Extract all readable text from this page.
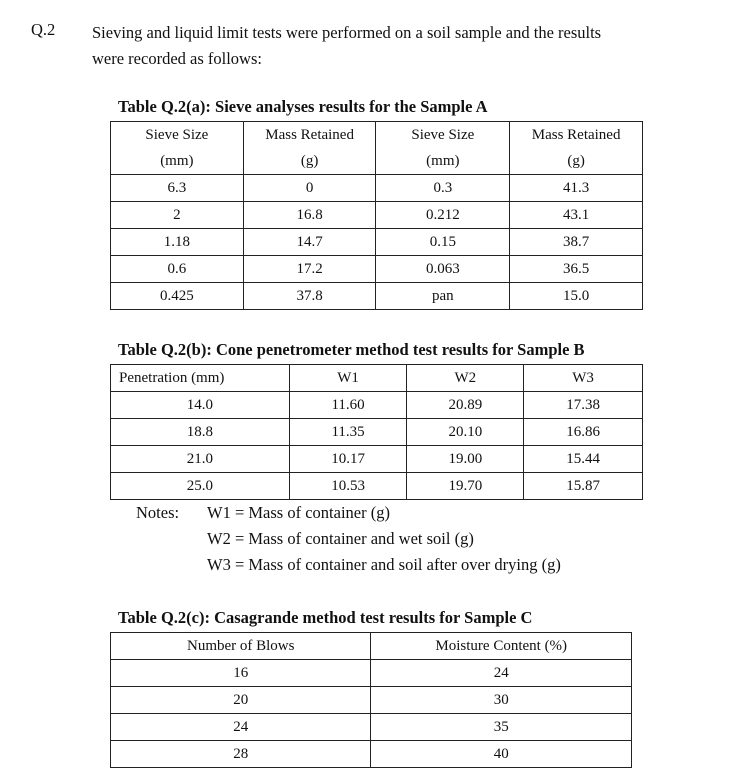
Q.2 Sieving and liquid limit tests were performed on a soil sample and the results
were recorded as follows:
Table Q.2(a): Sieve analyses results for the Sample A
Sieve Size	Mass Retained	Sieve Size	Mass Retained
(mm)	(g)	(mm)	(g)
6.3	0	0.3	41.3
2	16.8	0.212	43.1
1.18	14.7	0.15	38.7
0.6	17.2	0.063	36.5
0.425	37.8	pan	15.0
Table Q.2(b): Cone penetrometer method test results for Sample B
Penetration (mm)	W1	W2	W3
14.0	11.60	20.89	17.38
18.8	11.35	20.10	16.86
21.0	10.17	19.00	15.44
25.0	10.53	19.70	15.87
Notes: W1 = Mass of container (g)
W2 = Mass of container and wet soil (g)
W3 = Mass of container and soil after over drying (g)
Table Q.2(c): Casagrande method test results for Sample C
Number of Blows	Moisture Content (%)
16	24
20	30
24	35
28	40
